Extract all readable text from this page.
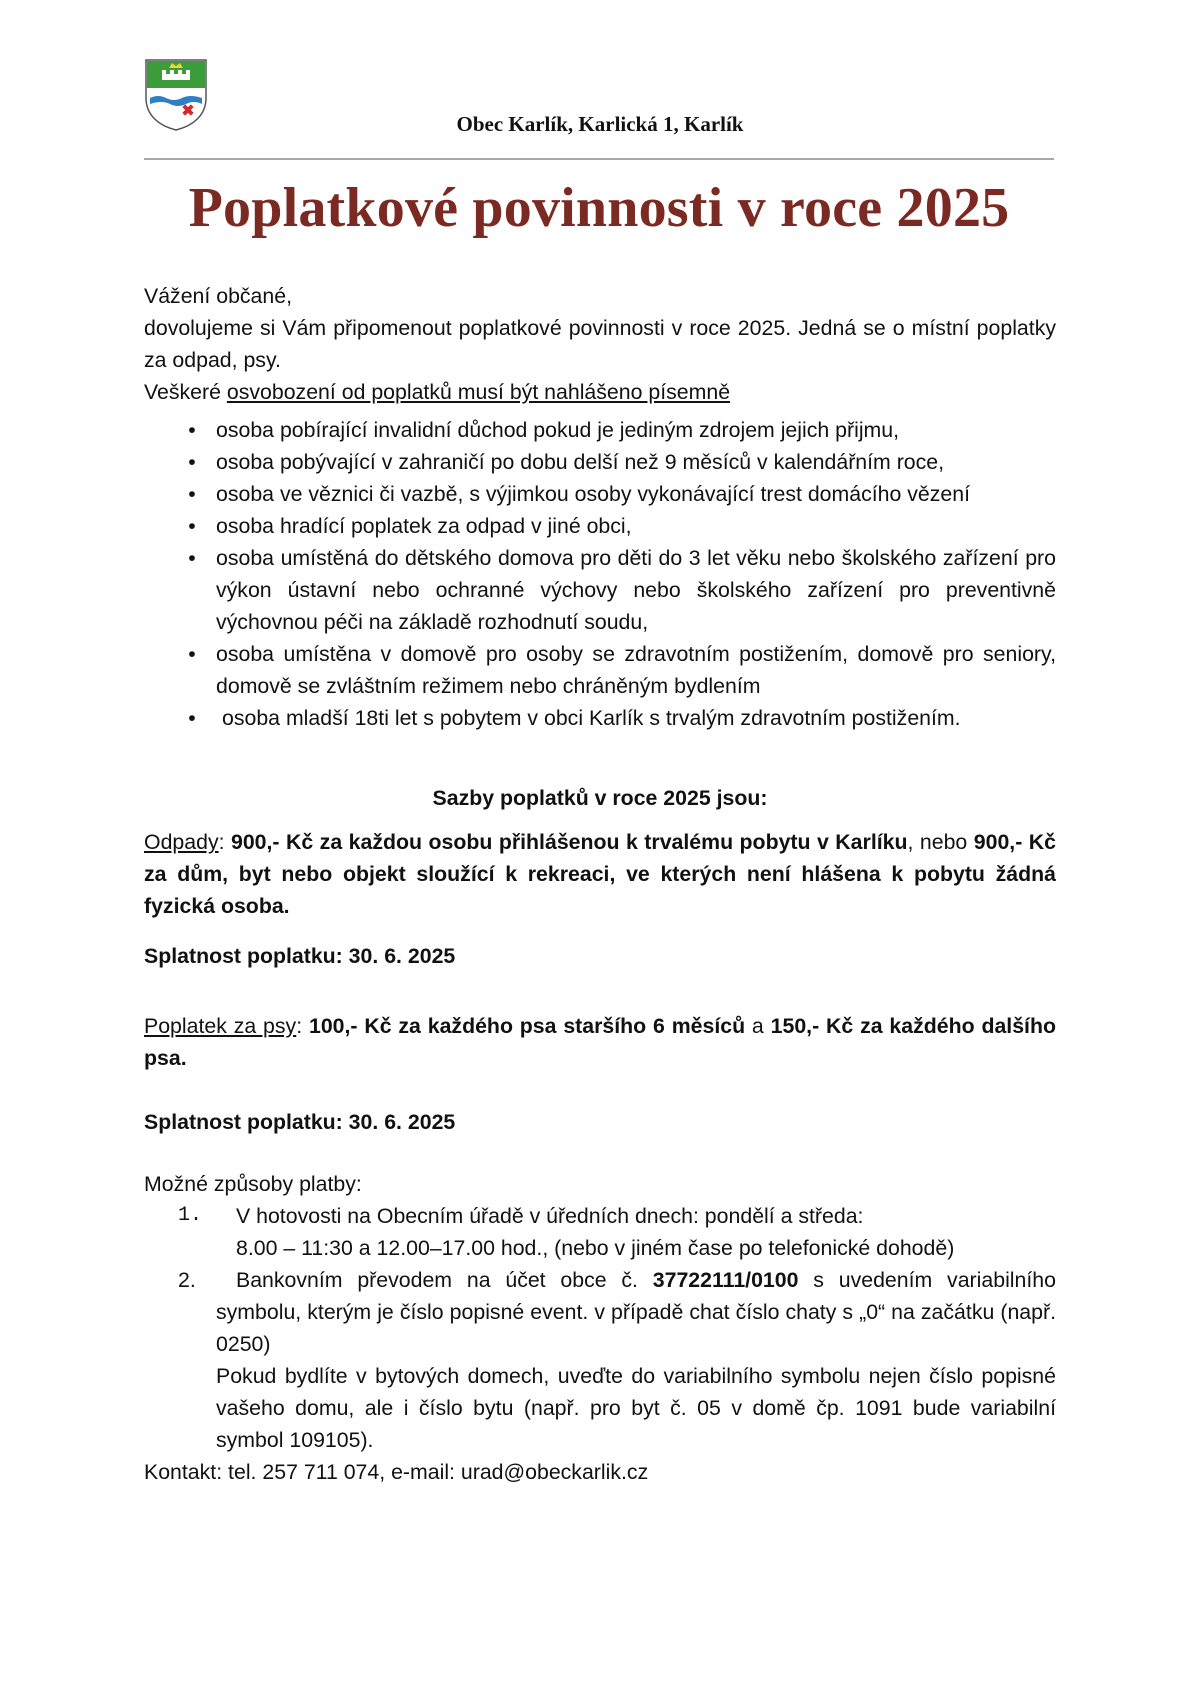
Obec Karlík, Karlická 1, Karlík
Poplatkové povinnosti v roce 2025

Vážení občané,

dovolujeme si Vám připomenout poplatkové povinnosti v roce 2025. Jedná se o místní poplatky za odpad, psy.

Veškeré osvobození od poplatků musí být nahlášeno písemně

• osoba pobírající invalidní důchod pokud je jediným zdrojem jejich přijmu,
• osoba pobývající v zahraničí po dobu delší než 9 měsíců v kalendářním roce,
• osoba ve věznici či vazbě, s výjimkou osoby vykonávající trest domácího vězení
• osoba hradící poplatek za odpad v jiné obci,
• osoba umístěná do dětského domova pro děti do 3 let věku nebo školského zařízení pro výkon ústavní nebo ochranné výchovy nebo školského zařízení pro preventivně výchovnou péči na základě rozhodnutí soudu,
• osoba umístěna v domově pro osoby se zdravotním postižením, domově pro seniory, domově se zvláštním režimem nebo chráněným bydlením
• osoba mladší 18ti let s pobytem v obci Karlík s trvalým zdravotním postižením.

Sazby poplatků v roce 2025 jsou:

Odpady: 900,- Kč za každou osobu přihlášenou k trvalému pobytu v Karlíku, nebo 900,- Kč za dům, byt nebo objekt sloužící k rekreaci, ve kterých není hlášena k pobytu žádná fyzická osoba.

Splatnost poplatku: 30. 6. 2025

Poplatek za psy: 100,- Kč za každého psa staršího 6 měsíců a 150,- Kč za každého dalšího psa.

Splatnost poplatku: 30. 6. 2025

Možné způsoby platby:

1. V hotovosti na Obecním úřadě v úředních dnech: pondělí a středa:
8.00 – 11:30 a 12.00–17.00 hod., (nebo v jiném čase po telefonické dohodě)
2.	Bankovním převodem na účet obce č. 37722111/0100 s uvedením variabilního symbolu, kterým je číslo popisné event. v případě chat číslo chaty s „0“ na začátku (např. 0250)
Pokud bydlíte v bytových domech, uveďte do variabilního symbolu nejen číslo popisné vašeho domu, ale i číslo bytu (např. pro byt č. 05 v domě čp. 1091 bude variabilní symbol 109105).

Kontakt: tel. 257 711 074, e-mail: urad@obeckarlik.cz
